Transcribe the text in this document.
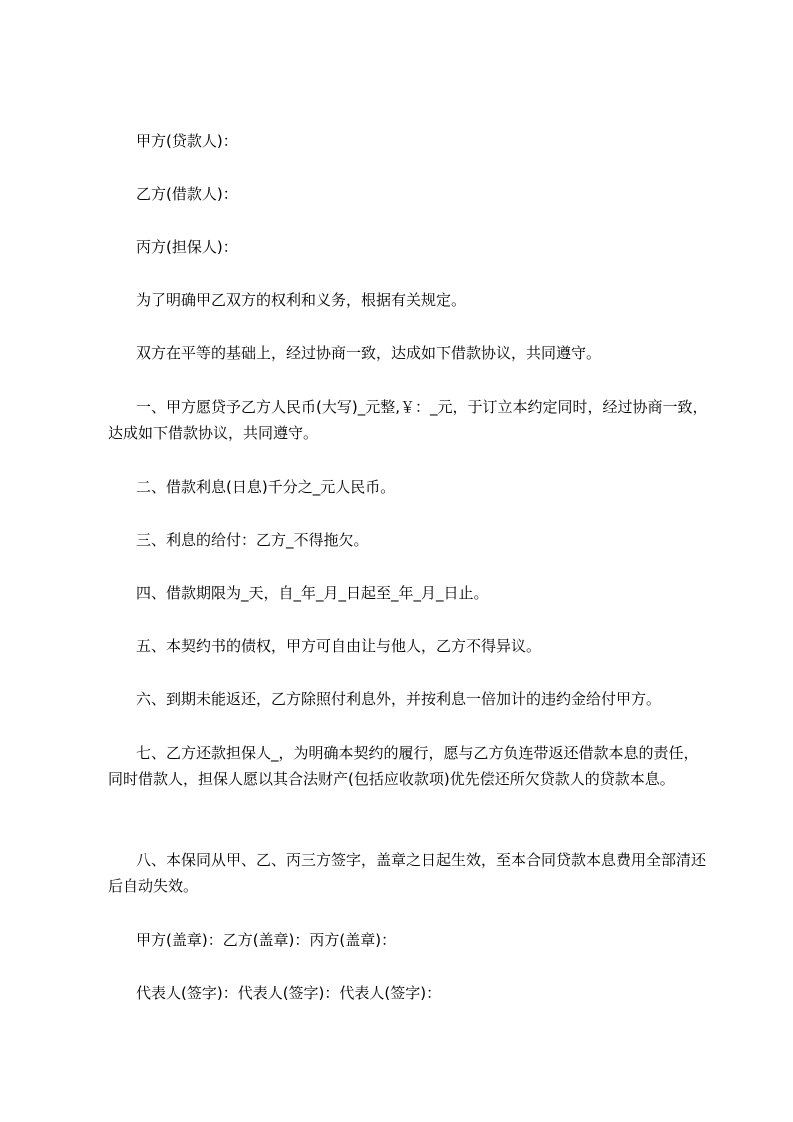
甲方(贷款人)：

乙方(借款人)：

丙方(担保人)：

为了明确甲乙双方的权利和义务，根据有关规定。

双方在平等的基础上，经过协商一致，达成如下借款协议，共同遵守。

一、甲方愿贷予乙方人民币(大写)_元整,￥：_元，于订立本约定同时，经过协商一致，达成如下借款协议，共同遵守。

二、借款利息(日息)千分之_元人民币。

三、利息的给付：乙方_不得拖欠。

四、借款期限为_天，自_年_月_日起至_年_月_日止。

五、本契约书的债权，甲方可自由让与他人，乙方不得异议。

六、到期未能返还，乙方除照付利息外，并按利息一倍加计的违约金给付甲方。

七、乙方还款担保人_，为明确本契约的履行，愿与乙方负连带返还借款本息的责任，同时借款人，担保人愿以其合法财产(包括应收款项)优先偿还所欠贷款人的贷款本息。

八、本保同从甲、乙、丙三方签字，盖章之日起生效，至本合同贷款本息费用全部清还后自动失效。

甲方(盖章)：乙方(盖章)：丙方(盖章)：

代表人(签字)：代表人(签字)：代表人(签字)：
